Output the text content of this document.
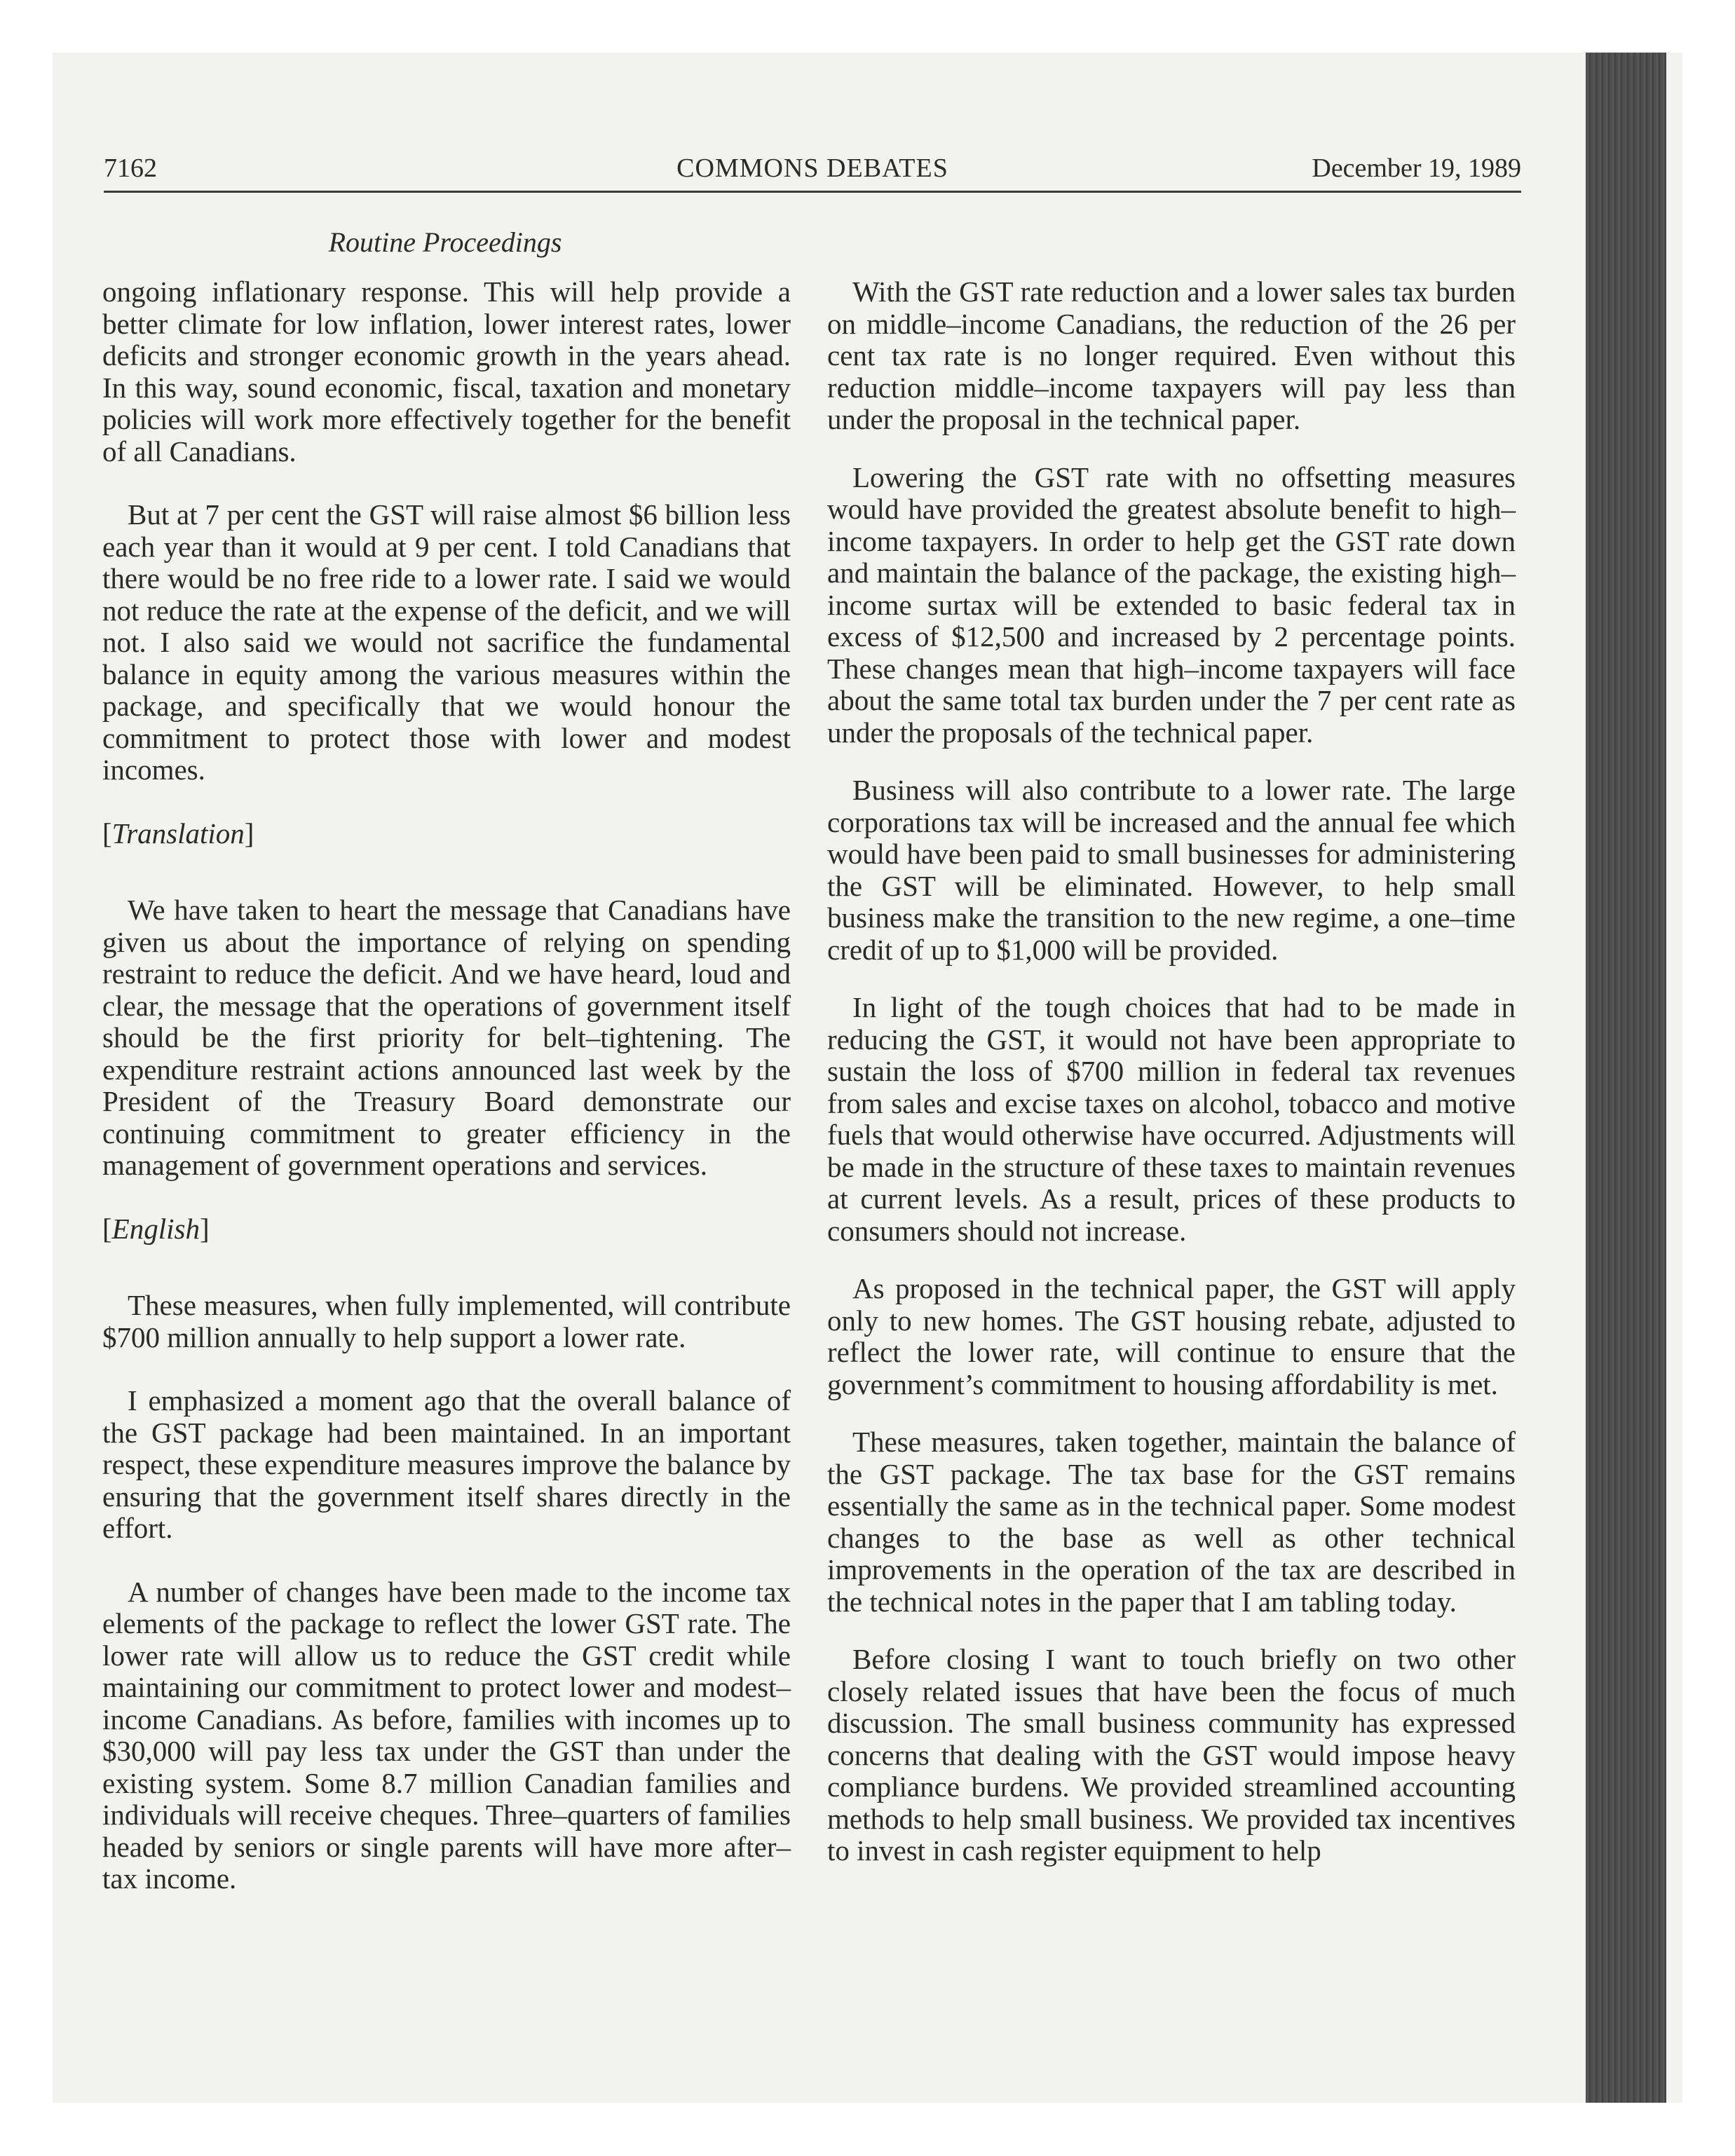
7162	COMMONS DEBATES	December 19, 1989
Routine Proceedings

ongoing inflationary response. This will help provide a better climate for low inflation, lower interest rates, lower deficits and stronger economic growth in the years ahead. In this way, sound economic, fiscal, taxation and monetary policies will work more effectively together for the benefit of all Canadians.

But at 7 per cent the GST will raise almost $6 billion less each year than it would at 9 per cent. I told Canadians that there would be no free ride to a lower rate. I said we would not reduce the rate at the expense of the deficit, and we will not. I also said we would not sacrifice the fundamental balance in equity among the various measures within the package, and specifically that we would honour the commitment to protect those with lower and modest incomes.

[Translation]

We have taken to heart the message that Canadians have given us about the importance of relying on spending restraint to reduce the deficit. And we have heard, loud and clear, the message that the operations of government itself should be the first priority for belt–tightening. The expenditure restraint actions announced last week by the President of the Treasury Board demonstrate our continuing commitment to greater efficiency in the management of government operations and services.

[English]

These measures, when fully implemented, will contribute $700 million annually to help support a lower rate.

I emphasized a moment ago that the overall balance of the GST package had been maintained. In an important respect, these expenditure measures improve the balance by ensuring that the government itself shares directly in the effort.

A number of changes have been made to the income tax elements of the package to reflect the lower GST rate. The lower rate will allow us to reduce the GST credit while maintaining our commitment to protect lower and modest–income Canadians. As before, families with incomes up to $30,000 will pay less tax under the GST than under the existing system. Some 8.7 million Canadian families and individuals will receive cheques. Three–quarters of families headed by seniors or single parents will have more after–tax income.

With the GST rate reduction and a lower sales tax burden on middle–income Canadians, the reduction of the 26 per cent tax rate is no longer required. Even without this reduction middle–income taxpayers will pay less than under the proposal in the technical paper.

Lowering the GST rate with no offsetting measures would have provided the greatest absolute benefit to high–income taxpayers. In order to help get the GST rate down and maintain the balance of the package, the existing high–income surtax will be extended to basic federal tax in excess of $12,500 and increased by 2 percentage points. These changes mean that high–income taxpayers will face about the same total tax burden under the 7 per cent rate as under the proposals of the technical paper.

Business will also contribute to a lower rate. The large corporations tax will be increased and the annual fee which would have been paid to small businesses for administering the GST will be eliminated. However, to help small business make the transition to the new regime, a one–time credit of up to $1,000 will be provided.

In light of the tough choices that had to be made in reducing the GST, it would not have been appropriate to sustain the loss of $700 million in federal tax revenues from sales and excise taxes on alcohol, tobacco and motive fuels that would otherwise have occurred. Adjustments will be made in the structure of these taxes to maintain revenues at current levels. As a result, prices of these products to consumers should not increase.

As proposed in the technical paper, the GST will apply only to new homes. The GST housing rebate, adjusted to reflect the lower rate, will continue to ensure that the government’s commitment to housing affordability is met.

These measures, taken together, maintain the balance of the GST package. The tax base for the GST remains essentially the same as in the technical paper. Some modest changes to the base as well as other technical improvements in the operation of the tax are described in the technical notes in the paper that I am tabling today.

Before closing I want to touch briefly on two other closely related issues that have been the focus of much discussion. The small business community has expressed concerns that dealing with the GST would impose heavy compliance burdens. We provided streamlined accounting methods to help small business. We provided tax incentives to invest in cash register equipment to help
